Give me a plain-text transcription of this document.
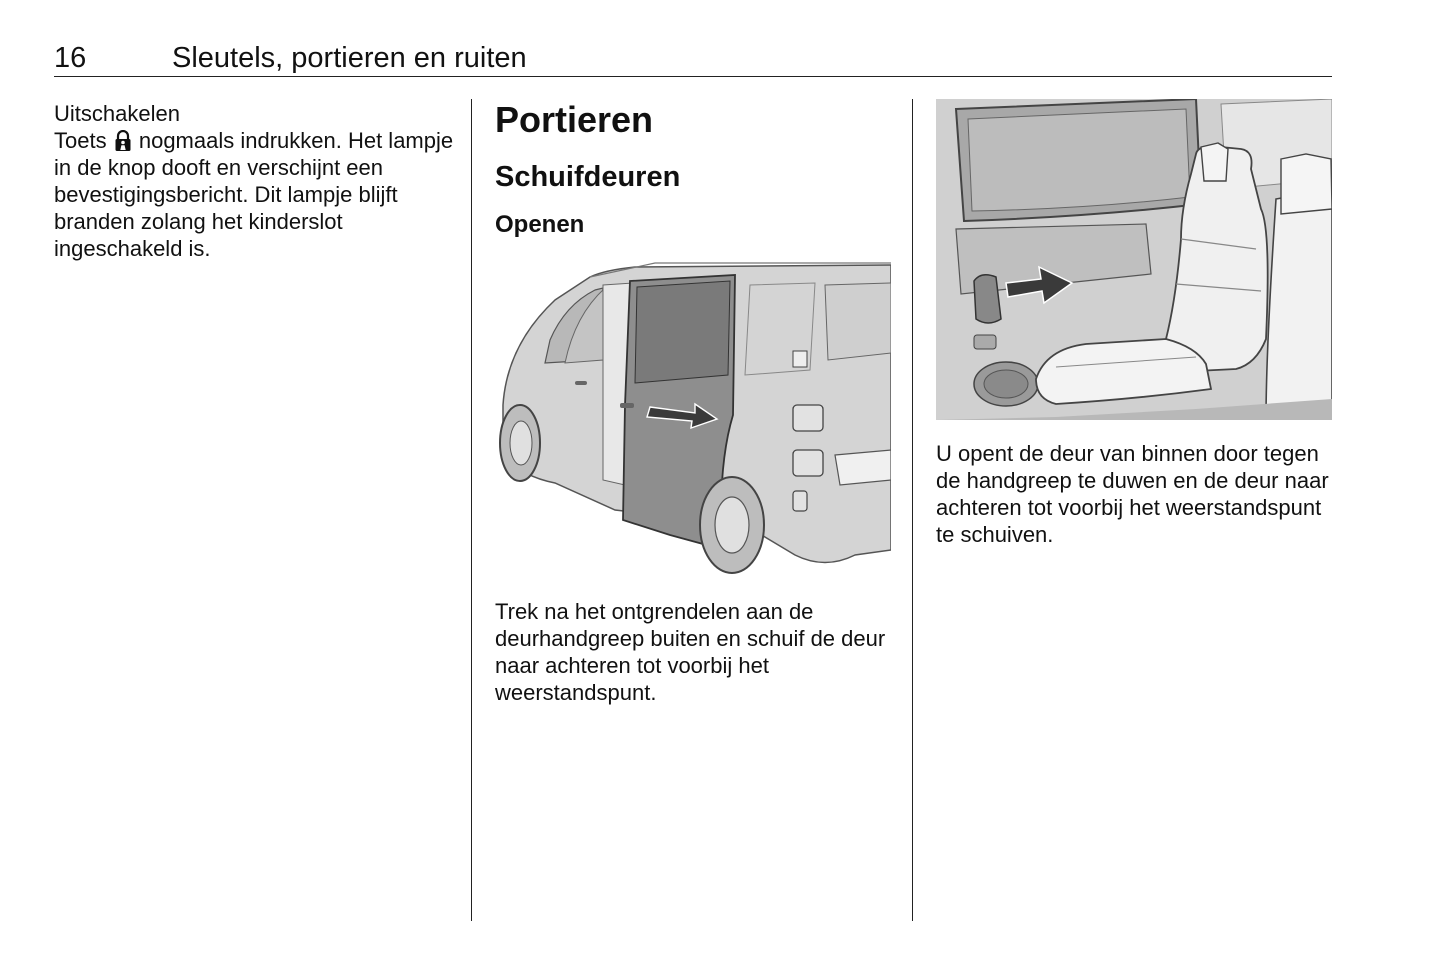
16	Sleutels, portieren en ruiten

Uitschakelen

Toets nogmaals indrukken. Het lampje in de knop dooft en verschijnt een bevestigingsbericht. Dit lampje blijft branden zolang het kinderslot ingeschakeld is.

Portieren
Schuifdeuren
Openen

Trek na het ontgrendelen aan de deurhandgreep buiten en schuif de deur naar achteren tot voorbij het weerstandspunt.

U opent de deur van binnen door tegen de handgreep te duwen en de deur naar achteren tot voorbij het weerstandspunt te schuiven.
